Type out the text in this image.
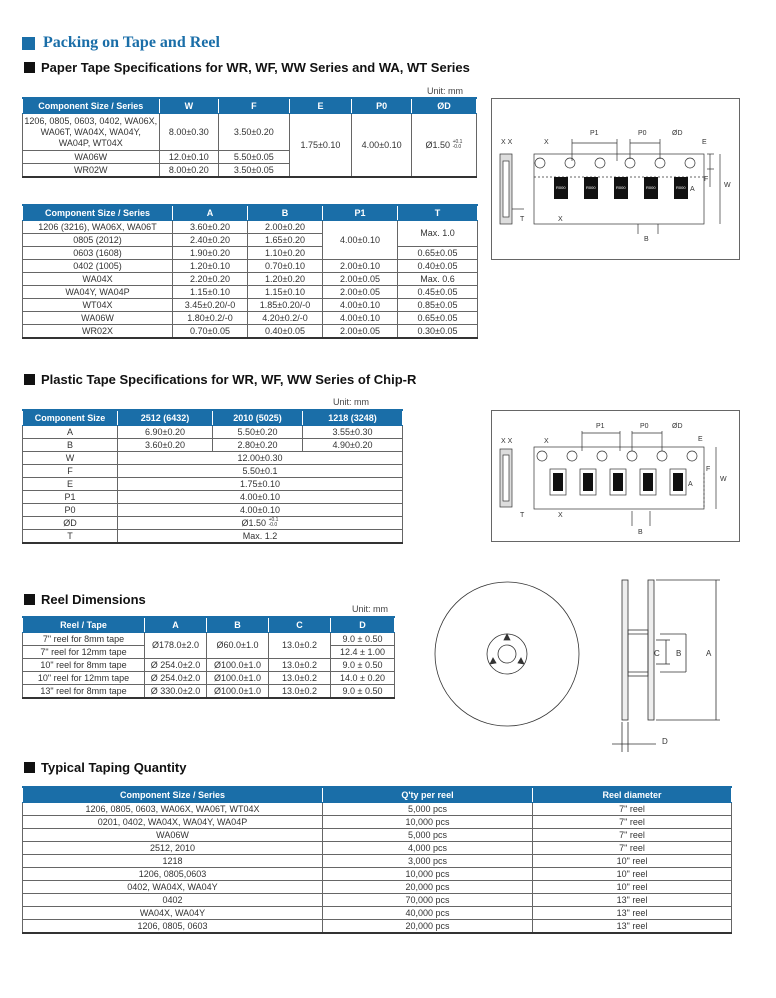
Packing on Tape and Reel
Paper Tape Specifications for WR, WF, WW Series and WA, WT Series
Unit: mm
Component Size / Series	W	F	E	P0	ØD
1206, 0805, 0603, 0402, WA06X, WA06T, WA04X, WA04Y, WA04P, WT04X	8.00±0.30	3.50±0.20	1.75±0.10	4.00±0.10	Ø1.50 +0.1
-0.0
WA06W	12.0±0.10	5.50±0.05			
WR02W	8.00±0.20	3.50±0.05			
Component Size / Series	A	B	P1	T
1206 (3216), WA06X, WA06T	3.60±0.20	2.00±0.20	4.00±0.10	Max. 1.0
0805 (2012)	2.40±0.20	1.65±0.20		
0603 (1608)	1.90±0.20	1.10±0.20		0.65±0.05
0402 (1005)	1.20±0.10	0.70±0.10	2.00±0.10	0.40±0.05
WA04X	2.20±0.20	1.20±0.20	2.00±0.05	Max. 0.6
WA04Y, WA04P	1.15±0.10	1.15±0.10	2.00±0.05	0.45±0.05
WT04X	3.45±0.20/-0	1.85±0.20/-0	4.00±0.10	0.85±0.05
WA06W	1.80±0.2/-0	4.20±0.2/-0	4.00±0.10	0.65±0.05
WR02X	0.70±0.05	0.40±0.05	2.00±0.05	0.30±0.05
R000	R000	R000	R000	R000
X X	X
P1	P0	ØD
E
F
W
A
B
T	X
Plastic Tape Specifications for WR, WF, WW Series of Chip-R
Unit: mm
Component Size	2512 (6432)	2010 (5025)	1218 (3248)
A	6.90±0.20	5.50±0.20	3.55±0.30
B	3.60±0.20	2.80±0.20	4.90±0.20
W	12.00±0.30		
F	5.50±0.1		
E	1.75±0.10		
P1	4.00±0.10		
P0	4.00±0.10		
ØD	Ø1.50 +0.1
-0.0		
T	Max. 1.2		
X X	X
P1	P0	ØD
E
F
W
A
B
T	X
Reel Dimensions
Unit: mm
Reel / Tape	A	B	C	D
7" reel for 8mm tape	Ø178.0±2.0	Ø60.0±1.0	13.0±0.2	9.0 ± 0.50
7" reel for 12mm tape				12.4 ± 1.00
10" reel for 8mm tape	Ø 254.0±2.0	Ø100.0±1.0	13.0±0.2	9.0 ± 0.50
10" reel for 12mm tape	Ø 254.0±2.0	Ø100.0±1.0	13.0±0.2	14.0 ± 0.20
13" reel for 8mm tape	Ø 330.0±2.0	Ø100.0±1.0	13.0±0.2	9.0 ± 0.50
C B	A
D
Typical Taping Quantity
Component Size / Series	Q'ty per reel	Reel diameter
1206, 0805, 0603, WA06X, WA06T, WT04X	5,000 pcs	7" reel
0201, 0402, WA04X, WA04Y, WA04P	10,000 pcs	7" reel
WA06W	5,000 pcs	7" reel
2512, 2010	4,000 pcs	7" reel
1218	3,000 pcs	10" reel
1206, 0805,0603	10,000 pcs	10" reel
0402, WA04X, WA04Y	20,000 pcs	10" reel
0402	70,000 pcs	13" reel
WA04X, WA04Y	40,000 pcs	13" reel
1206, 0805, 0603	20,000 pcs	13" reel
